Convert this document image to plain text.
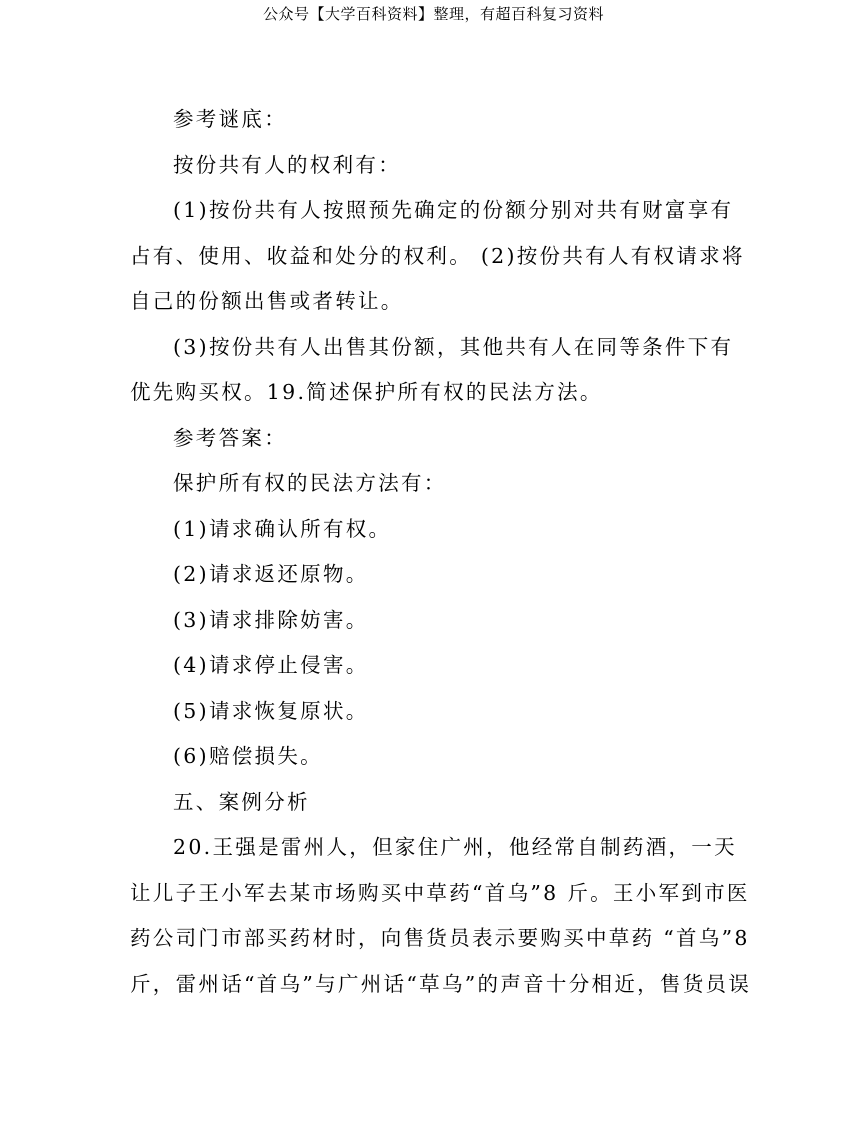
公众号【大学百科资料】整理，有超百科复习资料
参考谜底：
按份共有人的权利有：
(1)按份共有人按照预先确定的份额分别对共有财富享有
占有、使用、收益和处分的权利。 (2)按份共有人有权请求将
自己的份额出售或者转让。
(3)按份共有人出售其份额，其他共有人在同等条件下有
优先购买权。19.简述保护所有权的民法方法。
参考答案：
保护所有权的民法方法有：
(1)请求确认所有权。
(2)请求返还原物。
(3)请求排除妨害。
(4)请求停止侵害。
(5)请求恢复原状。
(6)赔偿损失。
五、案例分析
20.王强是雷州人，但家住广州，他经常自制药酒，一天
让儿子王小军去某市场购买中草药“首乌”8 斤。王小军到市医
药公司门市部买药材时，向售货员表示要购买中草药 “首乌”8
斤，雷州话“首乌”与广州话“草乌”的声音十分相近，售货员误
